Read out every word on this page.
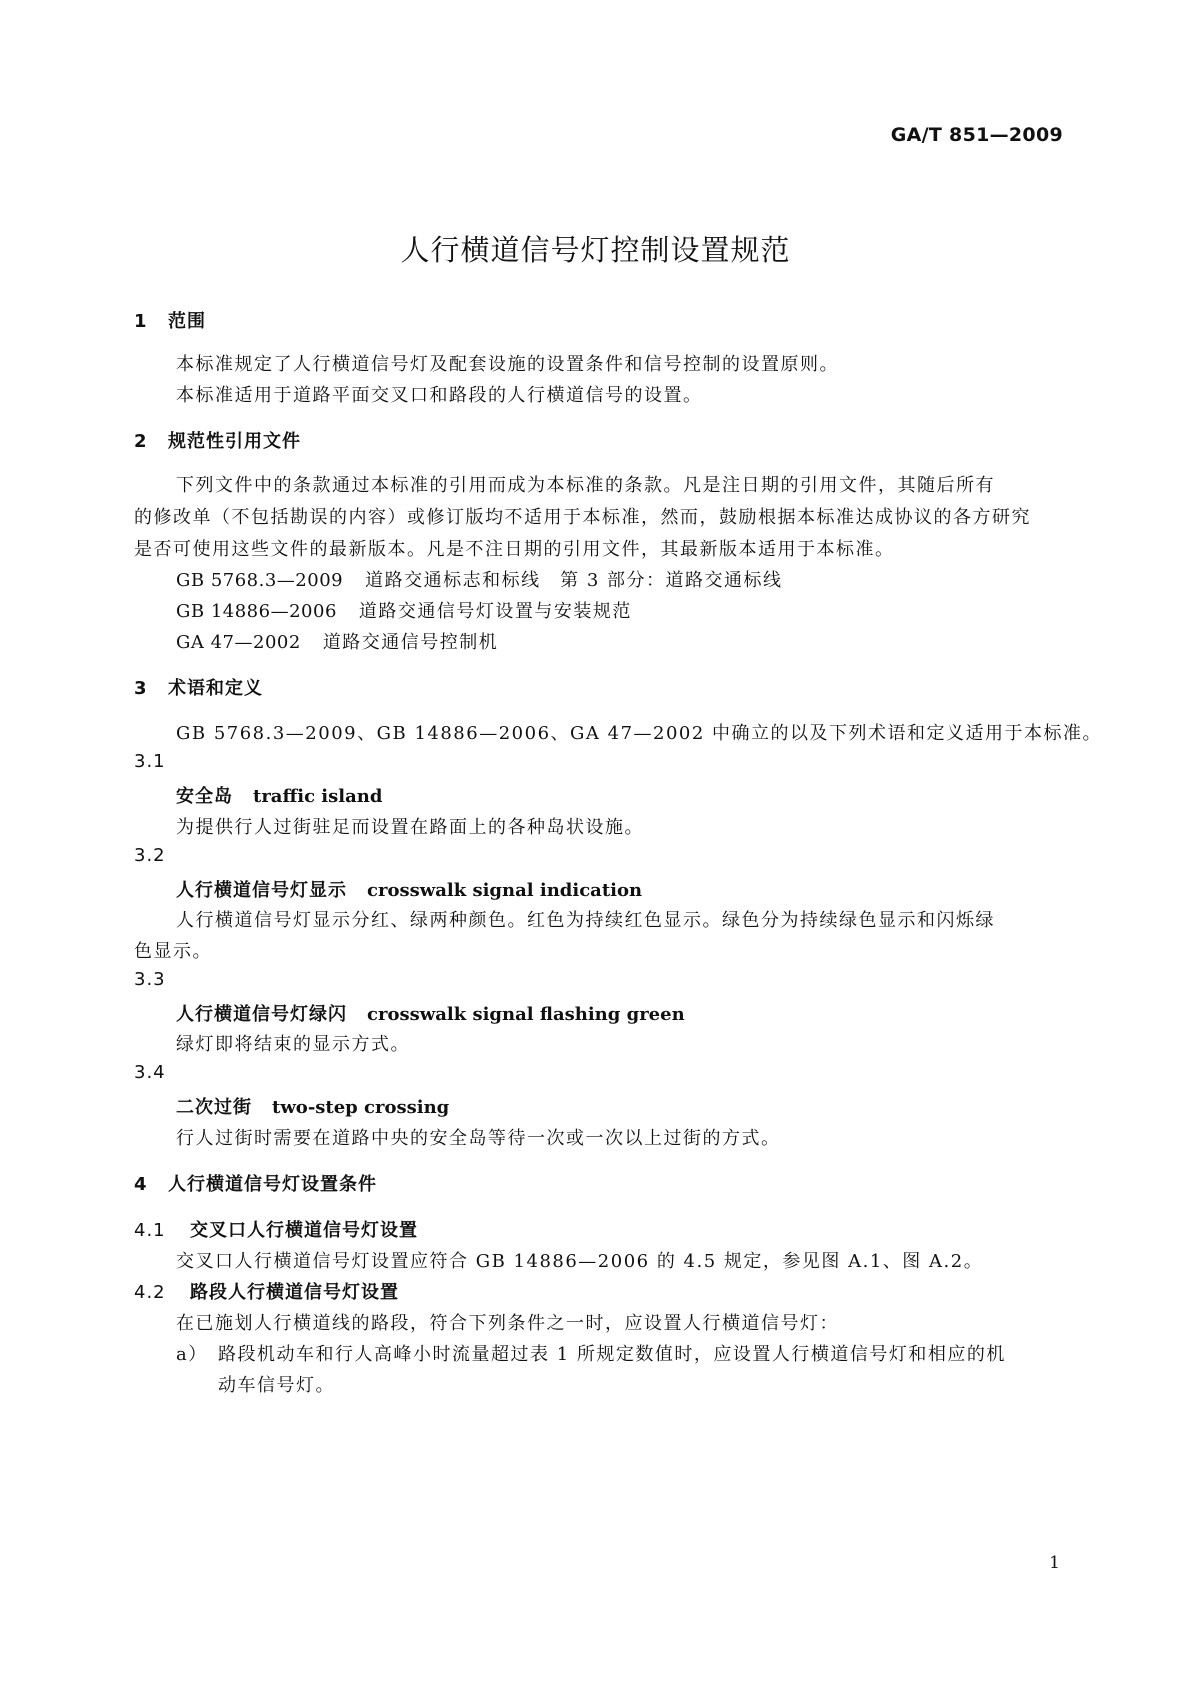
GA/T 851—2009
人行横道信号灯控制设置规范
1 范围
本标准规定了人行横道信号灯及配套设施的设置条件和信号控制的设置原则。
本标准适用于道路平面交叉口和路段的人行横道信号的设置。
2 规范性引用文件
下列文件中的条款通过本标准的引用而成为本标准的条款。凡是注日期的引用文件，其随后所有
的修改单（不包括勘误的内容）或修订版均不适用于本标准，然而，鼓励根据本标准达成协议的各方研究
是否可使用这些文件的最新版本。凡是不注日期的引用文件，其最新版本适用于本标准。
GB 5768.3—2009 道路交通标志和标线　第 3 部分：道路交通标线
GB 14886—2006 道路交通信号灯设置与安装规范
GA 47—2002 道路交通信号控制机
3 术语和定义
GB 5768.3—2009、GB 14886—2006、GA 47—2002 中确立的以及下列术语和定义适用于本标准。
3.1
安全岛 traffic island
为提供行人过街驻足而设置在路面上的各种岛状设施。
3.2
人行横道信号灯显示 crosswalk signal indication
人行横道信号灯显示分红、绿两种颜色。红色为持续红色显示。绿色分为持续绿色显示和闪烁绿
色显示。
3.3
人行横道信号灯绿闪 crosswalk signal flashing green
绿灯即将结束的显示方式。
3.4
二次过街 two-step crossing
行人过街时需要在道路中央的安全岛等待一次或一次以上过街的方式。
4 人行横道信号灯设置条件
4.1 交叉口人行横道信号灯设置
交叉口人行横道信号灯设置应符合 GB 14886—2006 的 4.5 规定，参见图 A.1、图 A.2。
4.2 路段人行横道信号灯设置
在已施划人行横道线的路段，符合下列条件之一时，应设置人行横道信号灯：
a） 路段机动车和行人高峰小时流量超过表 1 所规定数值时，应设置人行横道信号灯和相应的机
动车信号灯。
1
